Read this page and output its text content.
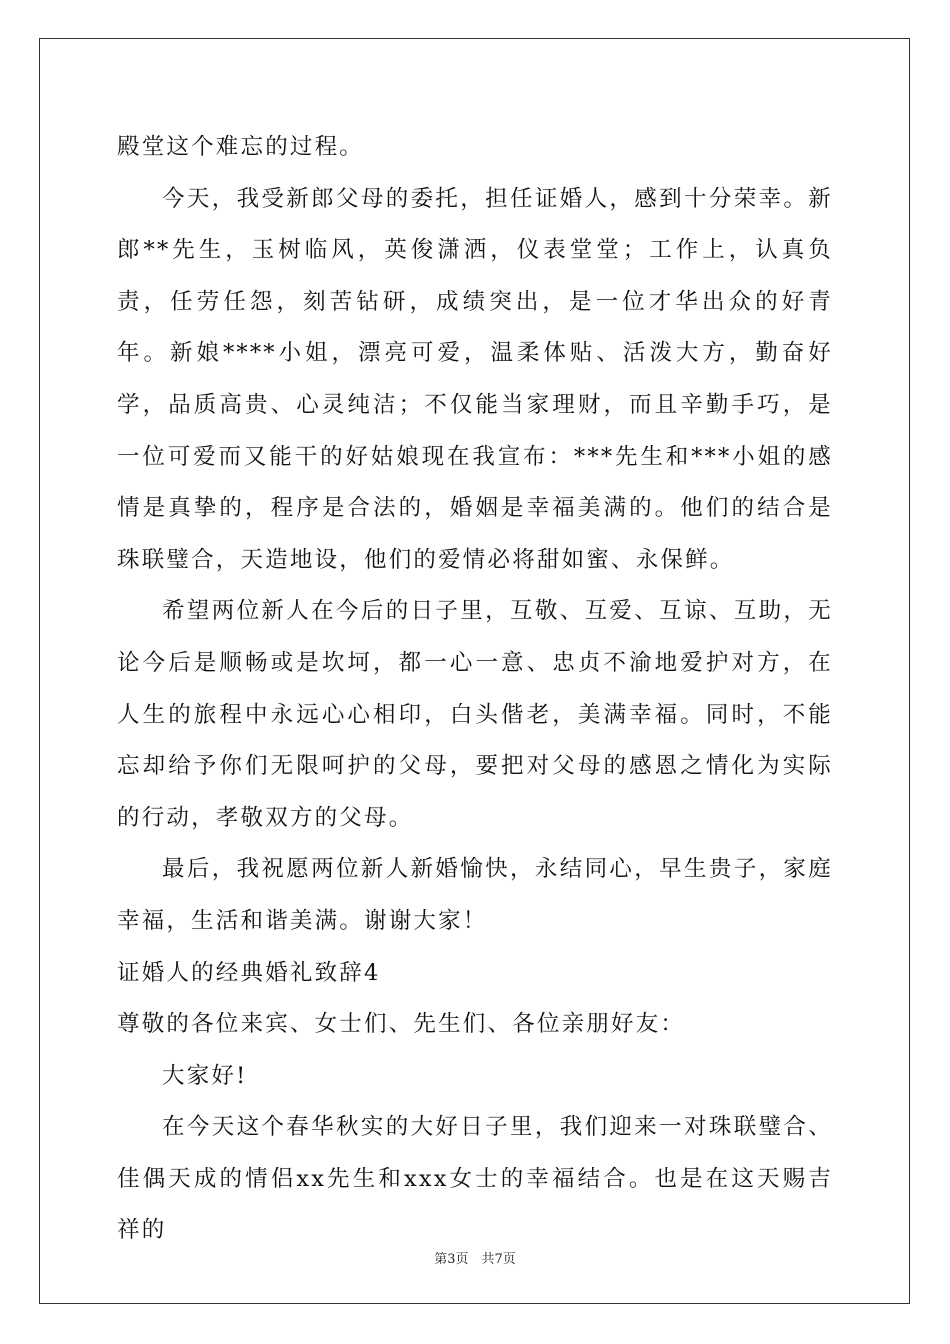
殿堂这个难忘的过程。

今天，我受新郎父母的委托，担任证婚人，感到十分荣幸。新郎**先生，玉树临风，英俊潇洒，仪表堂堂；工作上，认真负责，任劳任怨，刻苦钻研，成绩突出，是一位才华出众的好青年。新娘****小姐，漂亮可爱，温柔体贴、活泼大方，勤奋好学，品质高贵、心灵纯洁；不仅能当家理财，而且辛勤手巧，是一位可爱而又能干的好姑娘现在我宣布：***先生和***小姐的感情是真挚的，程序是合法的，婚姻是幸福美满的。他们的结合是珠联璧合，天造地设，他们的爱情必将甜如蜜、永保鲜。

希望两位新人在今后的日子里，互敬、互爱、互谅、互助，无论今后是顺畅或是坎坷，都一心一意、忠贞不渝地爱护对方，在人生的旅程中永远心心相印，白头偕老，美满幸福。同时，不能忘却给予你们无限呵护的父母，要把对父母的感恩之情化为实际的行动，孝敬双方的父母。

最后，我祝愿两位新人新婚愉快，永结同心，早生贵子，家庭幸福，生活和谐美满。谢谢大家！

证婚人的经典婚礼致辞4

尊敬的各位来宾、女士们、先生们、各位亲朋好友：

大家好!

在今天这个春华秋实的大好日子里，我们迎来一对珠联璧合、佳偶天成的情侣xx先生和xxx女士的幸福结合。也是在这天赐吉祥的

第3页　共7页
